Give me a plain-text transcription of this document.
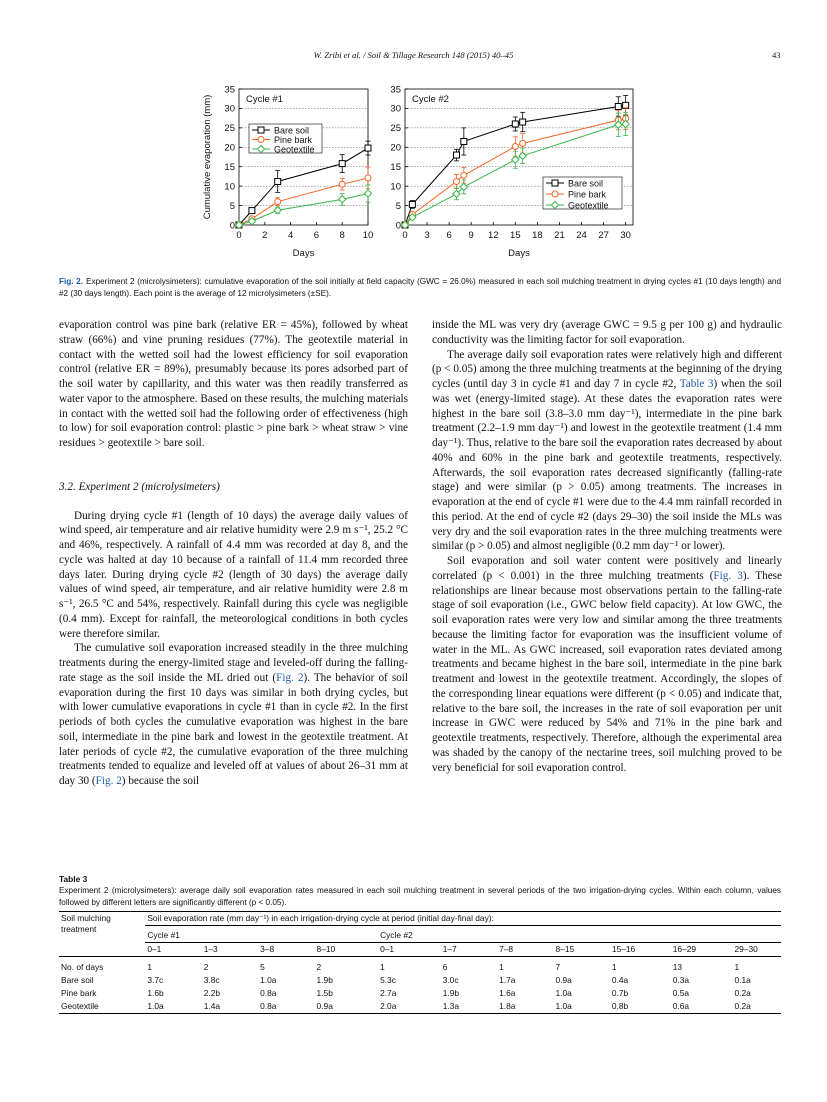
W. Zribi et al. / Soil & Tillage Research 148 (2015) 40–45	43
0
5
10
15
20
25
30
35
0 2 4 6 8 10
Days
Cumulative evaporation (mm)	Cycle #1
Bare soil
Pine bark
Geotextile
0
5
10
15
20
25
30
35
0 3 6 9 12 15 18 21 24 27 30
Days
Cycle #2
Bare soil
Pine bark
Geotextile
Fig. 2. Experiment 2 (microlysimeters): cumulative evaporation of the soil initially at field capacity (GWC = 26.0%) measured in each soil mulching treatment in drying cycles #1 (10 days length) and #2 (30 days length). Each point is the average of 12 microlysimeters (±SE).

evaporation control was pine bark (relative ER = 45%), followed by wheat straw (66%) and vine pruning residues (77%). The geotextile material in contact with the wetted soil had the lowest efficiency for soil evaporation control (relative ER = 89%), presumably because its pores adsorbed part of the soil water by capillarity, and this water was then readily transferred as water vapor to the atmosphere. Based on these results, the mulching materials in contact with the wetted soil had the following order of effectiveness (high to low) for soil evaporation control: plastic > pine bark > wheat straw > vine residues > geotextile > bare soil.

3.2. Experiment 2 (microlysimeters)

During drying cycle #1 (length of 10 days) the average daily values of wind speed, air temperature and air relative humidity were 2.9 m s⁻¹, 25.2 °C and 46%, respectively. A rainfall of 4.4 mm was recorded at day 8, and the cycle was halted at day 10 because of a rainfall of 11.4 mm recorded three days later. During drying cycle #2 (length of 30 days) the average daily values of wind speed, air temperature, and air relative humidity were 2.8 m s⁻¹, 26.5 °C and 54%, respectively. Rainfall during this cycle was negligible (0.4 mm). Except for rainfall, the meteorological conditions in both cycles were therefore similar.

The cumulative soil evaporation increased steadily in the three mulching treatments during the energy-limited stage and leveled-off during the falling-rate stage as the soil inside the ML dried out (Fig. 2). The behavior of soil evaporation during the first 10 days was similar in both drying cycles, but with lower cumulative evaporations in cycle #1 than in cycle #2. In the first periods of both cycles the cumulative evaporation was highest in the bare soil, intermediate in the pine bark and lowest in the geotextile treatment. At later periods of cycle #2, the cumulative evaporation of the three mulching treatments tended to equalize and leveled off at values of about 26–31 mm at day 30 (Fig. 2) because the soil

inside the ML was very dry (average GWC = 9.5 g per 100 g) and hydraulic conductivity was the limiting factor for soil evaporation.

The average daily soil evaporation rates were relatively high and different (p < 0.05) among the three mulching treatments at the beginning of the drying cycles (until day 3 in cycle #1 and day 7 in cycle #2, Table 3) when the soil was wet (energy-limited stage). At these dates the evaporation rates were highest in the bare soil (3.8–3.0 mm day⁻¹), intermediate in the pine bark treatment (2.2–1.9 mm day⁻¹) and lowest in the geotextile treatment (1.4 mm day⁻¹). Thus, relative to the bare soil the evaporation rates decreased by about 40% and 60% in the pine bark and geotextile treatments, respectively. Afterwards, the soil evaporation rates decreased significantly (falling-rate stage) and were similar (p > 0.05) among treatments. The increases in evaporation at the end of cycle #1 were due to the 4.4 mm rainfall recorded in this period. At the end of cycle #2 (days 29–30) the soil inside the MLs was very dry and the soil evaporation rates in the three mulching treatments were similar (p > 0.05) and almost negligible (0.2 mm day⁻¹ or lower).

Soil evaporation and soil water content were positively and linearly correlated (p < 0.001) in the three mulching treatments (Fig. 3). These relationships are linear because most observations pertain to the falling-rate stage of soil evaporation (i.e., GWC below field capacity). At low GWC, the soil evaporation rates were very low and similar among the three treatments because the limiting factor for evaporation was the insufficient volume of water in the ML. As GWC increased, soil evaporation rates deviated among treatments and became highest in the bare soil, intermediate in the pine bark treatment and lowest in the geotextile treatment. Accordingly, the slopes of the corresponding linear equations were different (p < 0.05) and indicate that, relative to the bare soil, the increases in the rate of soil evaporation per unit increase in GWC were reduced by 54% and 71% in the pine bark and geotextile treatments, respectively. Therefore, although the experimental area was shaded by the canopy of the nectarine trees, soil mulching proved to be very beneficial for soil evaporation control.

Table 3
Experiment 2 (microlysimeters): average daily soil evaporation rates measured in each soil mulching treatment in several periods of the two irrigation-drying cycles. Within each column, values followed by different letters are significantly different (p < 0.05).
Soil mulching treatment	Soil evaporation rate (mm day⁻¹) in each irrigation-drying cycle at period (initial day-final day):										
	Cycle #1				Cycle #2						
	0–1	1–3	3–8	8–10	0–1	1–7	7–8	8–15	15–16	16–29	29–30
No. of days	1	2	5	2	1	6	1	7	1	13	1
Bare soil	3.7c	3.8c	1.0a	1.9b	5.3c	3.0c	1.7a	0.9a	0.4a	0.3a	0.1a
Pine bark	1.6b	2.2b	0.8a	1.5b	2.7a	1.9b	1.6a	1.0a	0.7b	0.5a	0.2a
Geotextile	1.0a	1.4a	0.8a	0.9a	2.0a	1.3a	1.8a	1.0a	0.8b	0.6a	0.2a
